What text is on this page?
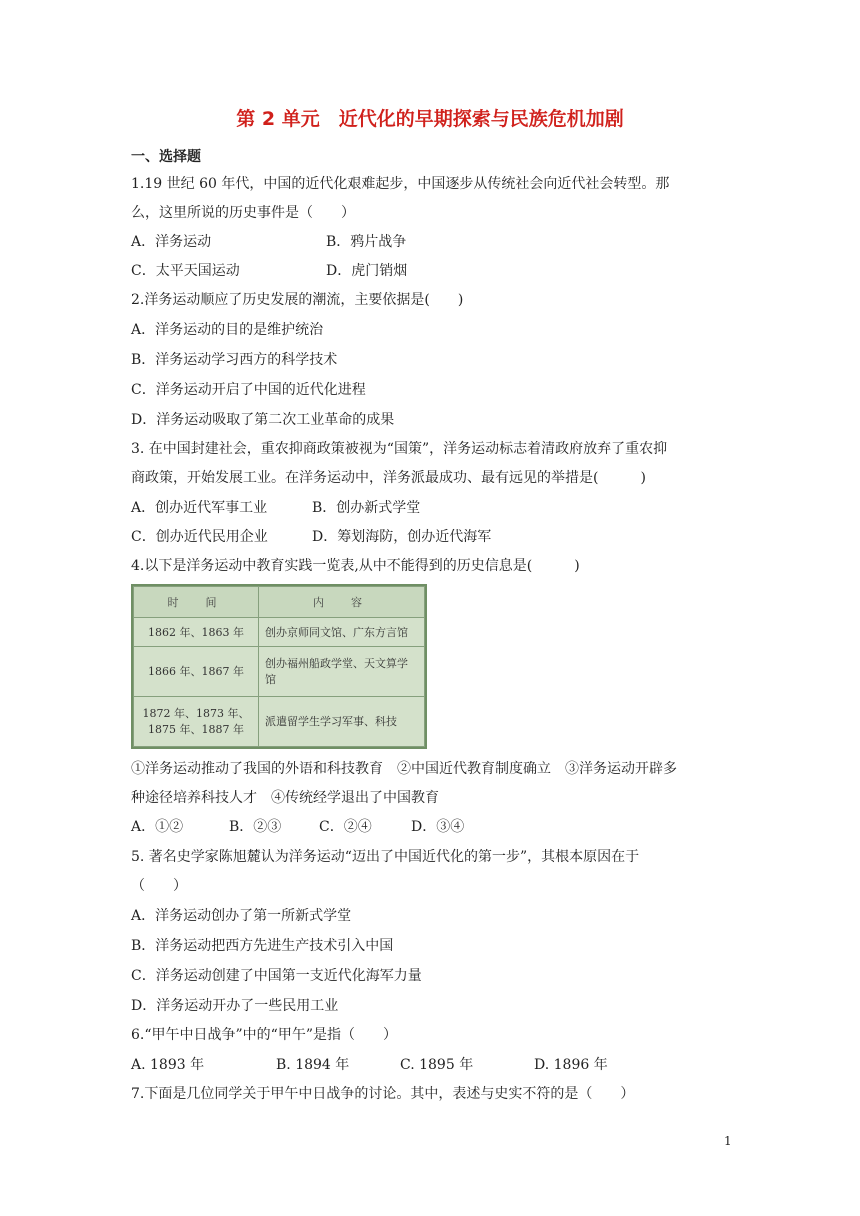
第 2 单元　近代化的早期探索与民族危机加剧
一、选择题
1.19 世纪 60 年代，中国的近代化艰难起步，中国逐步从传统社会向近代社会转型。那
么，这里所说的历史事件是（　　）
A．洋务运动	B．鸦片战争
C．太平天国运动	D．虎门销烟
2.洋务运动顺应了历史发展的潮流，主要依据是(　　)
A．洋务运动的目的是维护统治
B．洋务运动学习西方的科学技术
C．洋务运动开启了中国的近代化进程
D．洋务运动吸取了第二次工业革命的成果
3. 在中国封建社会，重农抑商政策被视为“国策”，洋务运动标志着清政府放弃了重农抑
商政策，开始发展工业。在洋务运动中，洋务派最成功、最有远见的举措是(　　　)
A．创办近代军事工业	B．创办新式学堂
C．创办近代民用企业	D．筹划海防，创办近代海军
4.以下是洋务运动中教育实践一览表,从中不能得到的历史信息是(　　　)
时　间	内　容
1862 年、1863 年	创办京师同文馆、广东方言馆
1866 年、1867 年	创办福州船政学堂、天文算学馆
1872 年、1873 年、1875 年、1887 年	派遣留学生学习军事、科技
①洋务运动推动了我国的外语和科技教育　②中国近代教育制度确立　③洋务运动开辟多
种途径培养科技人才　④传统经学退出了中国教育
A．①②	B．②③	C．②④	D．③④
5. 著名史学家陈旭麓认为洋务运动“迈出了中国近代化的第一步”，其根本原因在于
（　　）
A．洋务运动创办了第一所新式学堂
B．洋务运动把西方先进生产技术引入中国
C．洋务运动创建了中国第一支近代化海军力量
D．洋务运动开办了一些民用工业
6.“甲午中日战争”中的“甲午”是指（　　）
A. 1893 年	B. 1894 年	C. 1895 年	D. 1896 年
7.下面是几位同学关于甲午中日战争的讨论。其中，表述与史实不符的是（　　）
1
